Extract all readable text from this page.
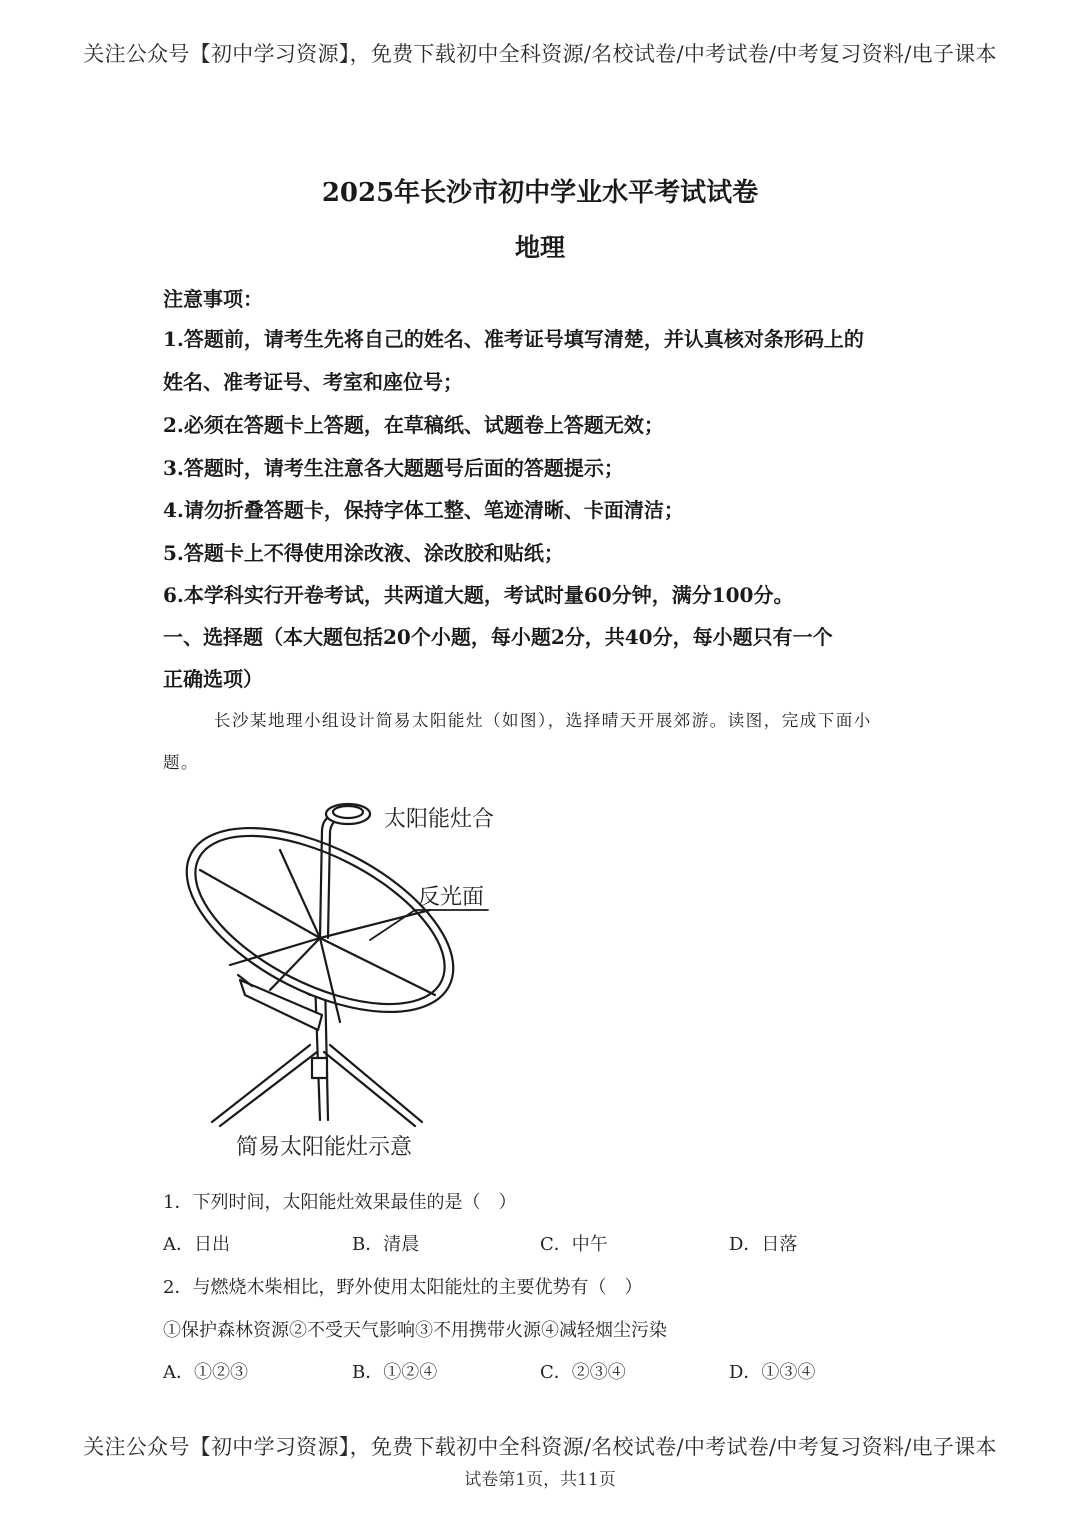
关注公众号【初中学习资源】，免费下载初中全科资源/名校试卷/中考试卷/中考复习资料/电子课本
2025年长沙市初中学业水平考试试卷
地理
注意事项：
1.答题前，请考生先将自己的姓名、准考证号填写清楚，并认真核对条形码上的
姓名、准考证号、考室和座位号；
2.必须在答题卡上答题，在草稿纸、试题卷上答题无效；
3.答题时，请考生注意各大题题号后面的答题提示；
4.请勿折叠答题卡，保持字体工整、笔迹清晰、卡面清洁；
5.答题卡上不得使用涂改液、涂改胶和贴纸；
6.本学科实行开卷考试，共两道大题，考试时量60分钟，满分100分。
一、选择题（本大题包括20个小题，每小题2分，共40分，每小题只有一个
正确选项）
长沙某地理小组设计简易太阳能灶（如图），选择晴天开展郊游。读图，完成下面小
题。
太阳能灶合
反光面
简易太阳能灶示意
1．下列时间，太阳能灶效果最佳的是（　）
A．日出	B．清晨	C．中午	D．日落
2．与燃烧木柴相比，野外使用太阳能灶的主要优势有（　）
①保护森林资源②不受天气影响③不用携带火源④减轻烟尘污染
A．①②③	B．①②④	C．②③④	D．①③④
关注公众号【初中学习资源】，免费下载初中全科资源/名校试卷/中考试卷/中考复习资料/电子课本
试卷第1页，共11页
